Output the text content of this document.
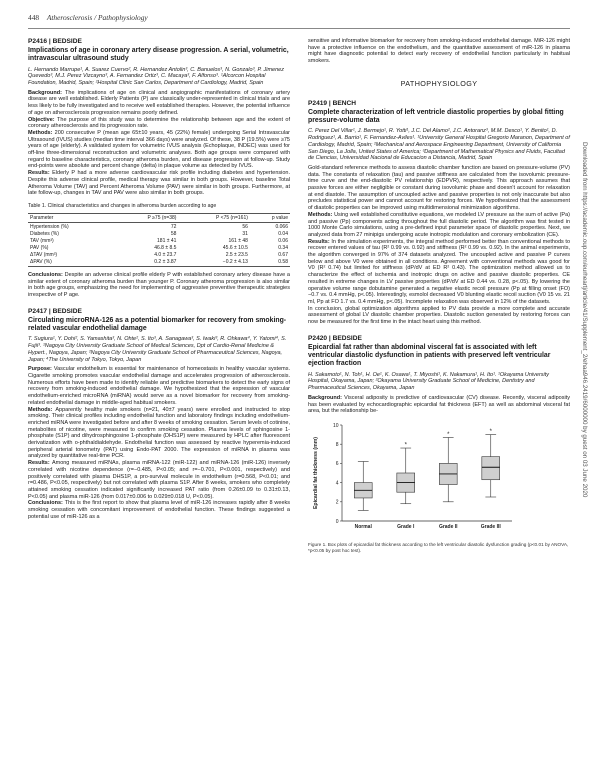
448 Atherosclerosis / Pathophysiology
Downloaded from https://academic.oup.com/eurheartj/article/41/Supplement_2/ehaa946.2419/6000000 by guest on 03 June 2020
P2416 | BEDSIDE
Implications of age in coronary artery disease progression. A serial, volumetric, intravascular ultrasound study
L. Hernando Marrupe¹, A. Suarez Cuervo², R. Hernandez Antolin³, C. Banuelos³, N. Gonzalo³, P. Jimenez Quevedo³, M.J. Perez Vizcayno³, A. Fernandez Ortiz³, C. Macaya³, F. Alfonso³. ¹Alcorcon Hospital Foundation, Madrid, Spain; ²Hospital Clinic San Carlos, Department of Cardiology, Madrid, Spain

Background: The implications of age on clinical and angiographic manifestations of coronary artery disease are well established. Elderly Patients (P) are classically under-represented in clinical trials and are less likely to be fully investigated and to receive well established therapies. However, the potential influence of age on atherosclerosis progression remains poorly defined.

Objective: The purpose of this study was to determine the relationship between age and the extent of coronary atherosclerosis and its progression rate.

Methods: 200 consecutive P (mean age 65±10 years, 45 (22%) female) undergoing Serial Intravascular Ultrasound (IVUS) studies (median time interval 366 days) were analyzed. Of these, 38 P (19.5%) were ≥75 years of age (elderly). A validated system for volumetric IVUS analysis (Echoplaque, INDEC) was used for off-line three-dimensional reconstruction and volumetric analyses. Both age groups were compared with regard to baseline characteristics, coronary atheroma burden, and disease progression at follow-up. Study end-points were absolute and percent change (delta) in plaque volume as detected by IVUS.

Results: Elderly P had a more adverse cardiovascular risk profile including diabetes and hypertension. Despite this adverse clinical profile, medical therapy was similar in both groups. However, baseline Total Atheroma Volume (TAV) and Percent Atheroma Volume (PAV) were similar in both groups. Furthermore, at late follow-up, changes in TAV and PAV were also similar in both groups.

Table 1. Clinical characteristics and changes in atheroma burden according to age
Parameter	P ≥75 (n=38)	P <75 (n=161)	p value
Hypertension (%)	72	56	0.066
Diabetes (%)	58	31	0.04
TAV (mm³)	181 ± 41	161 ± 48	0.06
PAV (%)	46.8 ± 8.5	45.6 ± 10.5	0.34
ΔTAV (mm³)	4.0 ± 23.7	2.5 ± 23.5	0.67
ΔPAV (%)	0.2 ± 3.87	−0.2 ± 4.13	0.58

Conclusions: Despite an adverse clinical profile elderly P with established coronary artery disease have a similar extent of coronary atheroma burden than younger P. Coronary atheroma progression is also similar in both age groups, emphasizing the need for implementing of aggressive preventive therapeutic strategies irrespective of P age.

P2417 | BEDSIDE
Circulating microRNA-126 as a potential biomarker for recovery from smoking-related vascular endothelial damage
T. Sugiura¹, Y. Dohi², S. Yamashita³, N. Ohte², S. Ito³, A. Sanagawa³, S. Iwaki³, R. Ohkawa⁴, Y. Yatomi⁴, S. Fujii³. ¹Nagoya City University Graduate School of Medical Sciences, Dpt of Cardio-Renal Medicine & Hypert., Nagoya, Japan; ²Nagoya City University Graduate School of Pharmaceutical Sciences, Nagoya, Japan; ⁴The University of Tokyo, Tokyo, Japan

Purpose: Vascular endothelium is essential for maintenance of homeostasis in healthy vascular systems. Cigarette smoking promotes vascular endothelial damage and accelerates progression of atherosclerosis. Numerous efforts have been made to identify reliable and predictive biomarkers to detect the early signs of recovery from smoking-induced endothelial damage. We hypothesized that the expression of vascular endothelium-enriched microRNA (miRNA) would serve as a novel biomarker for recovery from smoking-related endothelial damage in middle-aged habitual smokers.

Methods: Apparently healthy male smokers (n=21, 40±7 years) were enrolled and instructed to stop smoking. Their clinical profiles including endothelial function and laboratory findings including endothelium-enriched miRNA were investigated before and after 8 weeks of smoking cessation. Serum levels of cotinine, metabolites of nicotine, were measured to confirm smoking cessation. Plasma levels of sphingosine 1-phosphate (S1P) and dihydrosphingosine 1-phosphate (DHS1P) were measured by HPLC after fluorescent derivatization with o-phthaldialdehyde. Endothelial function was assessed by reactive hyperemia-induced peripheral arterial tonometry (PAT) using Endo-PAT 2000. The expression of miRNA in plasma was analyzed by quantitative real-time PCR.

Results: Among measured miRNAs, plasma miRNA-122 (miR-122) and miRNA-126 (miR-126) inversely correlated with nicotine dependence (r=−0.485, P<0.05; and r=−0.701, P<0.001, respectively) and positively correlated with plasma DHS1P, a pro-survival molecule in endothelium (r=0.568, P<0.01; and r=0.486, P<0.05, respectively) but not correlated with plasma S1P. After 8 weeks, smokers who completely attained smoking cessation indicated significantly increased PAT ratio (from 0.26±0.09 to 0.31±0.13, P<0.05) and plasma miR-126 (from 0.017±0.006 to 0.029±0.018 U, P<0.05).

Conclusions: This is the first report to show that plasma level of miR-126 increases rapidly after 8 weeks smoking cessation with concomitant improvement of endothelial function. These findings suggested a potential use of miR-126 as a

sensitive and informative biomarker for recovery from smoking-induced endothelial damage. MiR-126 might have a protective influence on the endothelium, and the quantitative assessment of miR-126 in plasma might have diagnostic potential to detect early recovery of endothelial function particularly in habitual smokers.

PATHOPHYSIOLOGY
P2419 | BENCH
Complete characterization of left ventricle diastolic properties by global fitting pressure-volume data
C. Perez Del Villar¹, J. Bermejo¹, R. Yotti¹, J.C. Del Alamo², J.C. Antoranz³, M.M. Desco¹, Y. Benito¹, D. Rodriguez¹, A. Barrio¹, F. Fernandez-Aviles¹. ¹University General Hospital Gregorio Maranon, Department of Cardiology, Madrid, Spain; ²Mechanical and Aerospace Engineering Department, University of California San Diego, La Jolla, United States of America; ³Department of Mathematical Physics and Fluids, Facultad de Ciencias, Universidad Nacional de Educacion a Distancia, Madrid, Spain

Gold-standard reference methods to assess diastolic chamber function are based on pressure-volume (PV) data. The constants of relaxation (tau) and passive stiffness are calculated from the isovolumic pressure-time curve and the end-diastolic PV relationship (EDPVR), respectively. This approach assumes that passive forces are either negligible or constant during isovolumic phase and doesn't account for relaxation at end diastole. The assumption of uncoupled active and passive properties is not only inaccurate but also precludes statistical power and cannot account for restoring forces. We hypothesized that the assessment of diastolic properties can be improved using multidimensional minimization algorithms.

Methods: Using well established constitutive equations, we modeled LV pressure as the sum of active (Pa) and passive (Pp) components acting throughout the full diastolic period. The algorithm was first tested in 1000 Monte Carlo simulations, using a pre-defined input parameter space of diastolic properties. Next, we analyzed data from 27 minipigs undergoing acute inotropic modulation and coronary embolization (CE).

Results: In the simulation experiments, the integral method performed better than conventional methods to recover entered values of tau (R² 0.99 vs. 0.92) and stiffness (R² 0.99 vs. 0.92). In the animal experiments, the algorithm converged in 97% of 374 datasets analyzed. The uncoupled active and passive P curves below and above V0 were obtained in all conditions. Agreement with conventional methods was good for V0 (R² 0.74) but limited for stiffness (dP/dV at ED R² 0.43). The optimization method allowed us to characterize the effect of ischemia and inotropic drugs on active and passive diastolic properties. CE resulted in extreme changes in LV passive properties (dP/dV at ED 0.44 vs. 0.28, p<.05). By lowering the operative volume range dobutamine generated a negative elastic recoil pressure (Pp at filling onset (FO) −0.7 vs. 0.4 mmHg, p<.05). Interestingly, esmolol decreased V0 blunting elastic recoil suction (V0 15 vs. 21 ml, Pp at FO 1.7 vs. 0.4 mmHg, p<.05). Incomplete relaxation was observed in 12% of the datasets.

In conclusion, global optimization algorithms applied to PV data provide a more complete and accurate assessment of global LV diastolic chamber properties. Diastolic suction generated by restoring forces can now be measured for the first time in the intact heart using this method.

P2420 | BEDSIDE
Epicardial fat rather than abdominal visceral fat is associated with left ventricular diastolic dysfunction in patients with preserved left ventricular ejection fraction
H. Sakamoto¹, N. Toh¹, H. Oe¹, K. Osawa¹, T. Miyoshi¹, K. Nakamura¹, H. Ito¹. ¹Okayama University Hospital, Okayama, Japan; ²Okayama University Graduate School of Medicine, Dentistry and Pharmaceutical Sciences, Okayama, Japan

Background: Visceral adiposity is predictive of cardiovascular (CV) disease. Recently, visceral adiposity has been evaluated by echocardiographic epicardial fat thickness (EFT) as well as abdominal visceral fat area, but the relationship be-

0
2
4
6
8
10
Epicardial fat thickness (mm)
Normal
*
Grade I
*
Grade II
*
Grade III
Figure 1. Box plots of epicardial fat thickness according to the left ventricular diastolic dysfunction grading (p<0.01 by ANOVA, *p<0.05 by post hoc test).
